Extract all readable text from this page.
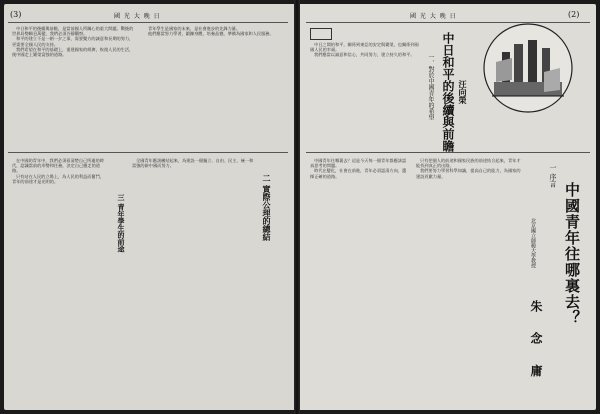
(3)	國 光 大 晚 日

中日和平的後續與前瞻，是當前國人所關心的重大問題。戰後的世界局勢瞬息萬變，我們必須冷靜觀察。

和平的建立不是一朝一夕之事，需要雙方的誠意和長期的努力，更需要全國人民的支持。

我們希望在和平的基礎上，重建國家的經濟，恢復人民的生活，使中國走上繁榮富強的道路。

青年學生是國家的未來，是社會進步的先鋒力量。

他們應當努力學習，鍛鍊身體，培養品德，準備為國家和人民服務。

二 實際公理的總結
三 青年學生的前途

在中國的青年中，我們必須看清楚自己所處的時代，認識當前的形勢和任務，決定自己應走的道路。

只有站在人民的立場上，為人民的利益而奮鬥，青年的前途才是光明的。

全國青年應該團結起來，為建設一個獨立、自由、民主、統一和富強的新中國而努力。

(2)
國 光 大 晚 日

中日之間的和平，關係到東亞的安定與繁榮，也關係到兩國人民的幸福。

我們應當以誠意和信心，共同努力，建立持久的和平。	中日和平的後續與前瞻
一、對於中國青年的希望	汪向榮
中國青年往哪裏去？
一 序言
北京國立師範大學教授
朱 念 庸

中國青年往哪裏去？這是今天每一個青年都應該認真思考的問題。

時代在變化，社會在前進，青年必須認清方向，選擇正確的道路。

只有把個人的前途和國家民族的前途結合起來，青年才能找到真正的出路。

我們要努力學習科學知識，提高自己的能力，為國家的建設貢獻力量。
